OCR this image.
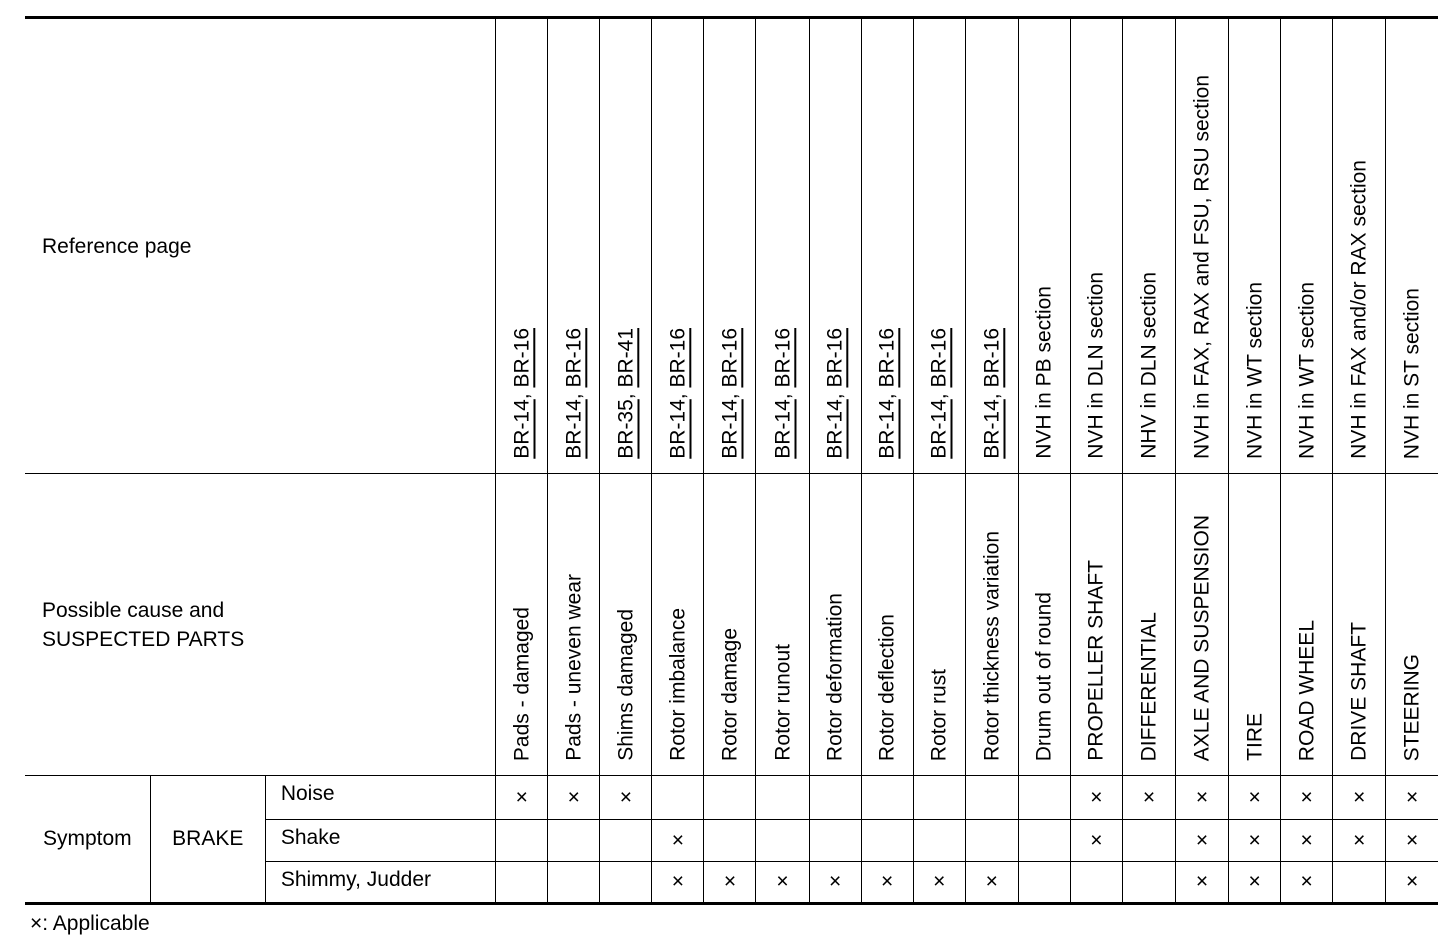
Reference page			BR-14, BR-16	BR-14, BR-16	BR-35, BR-41	BR-14, BR-16	BR-14, BR-16	BR-14, BR-16	BR-14, BR-16	BR-14, BR-16	BR-14, BR-16	BR-14, BR-16	NVH in PB section	NVH in DLN section	NHV in DLN section	NVH in FAX, RAX and FSU, RSU section	NVH in WT section	NVH in WT section	NVH in FAX and/or RAX section	NVH in ST section

Possible cause and
SUSPECTED PARTS			Pads - damaged	Pads - uneven wear	Shims damaged	Rotor imbalance	Rotor damage	Rotor runout	Rotor deformation	Rotor deflection	Rotor rust	Rotor thickness variation	Drum out of round	PROPELLER SHAFT	DIFFERENTIAL	AXLE AND SUSPENSION	TIRE	ROAD WHEEL	DRIVE SHAFT	STEERING

Symptom	BRAKE	Noise	×	×	×									×	×	×	×	×	×	×
		Shake				×								×		×	×	×	×	×
		Shimmy, Judder				×	×	×	×	×	×	×				×	×	×		×
×: Applicable
